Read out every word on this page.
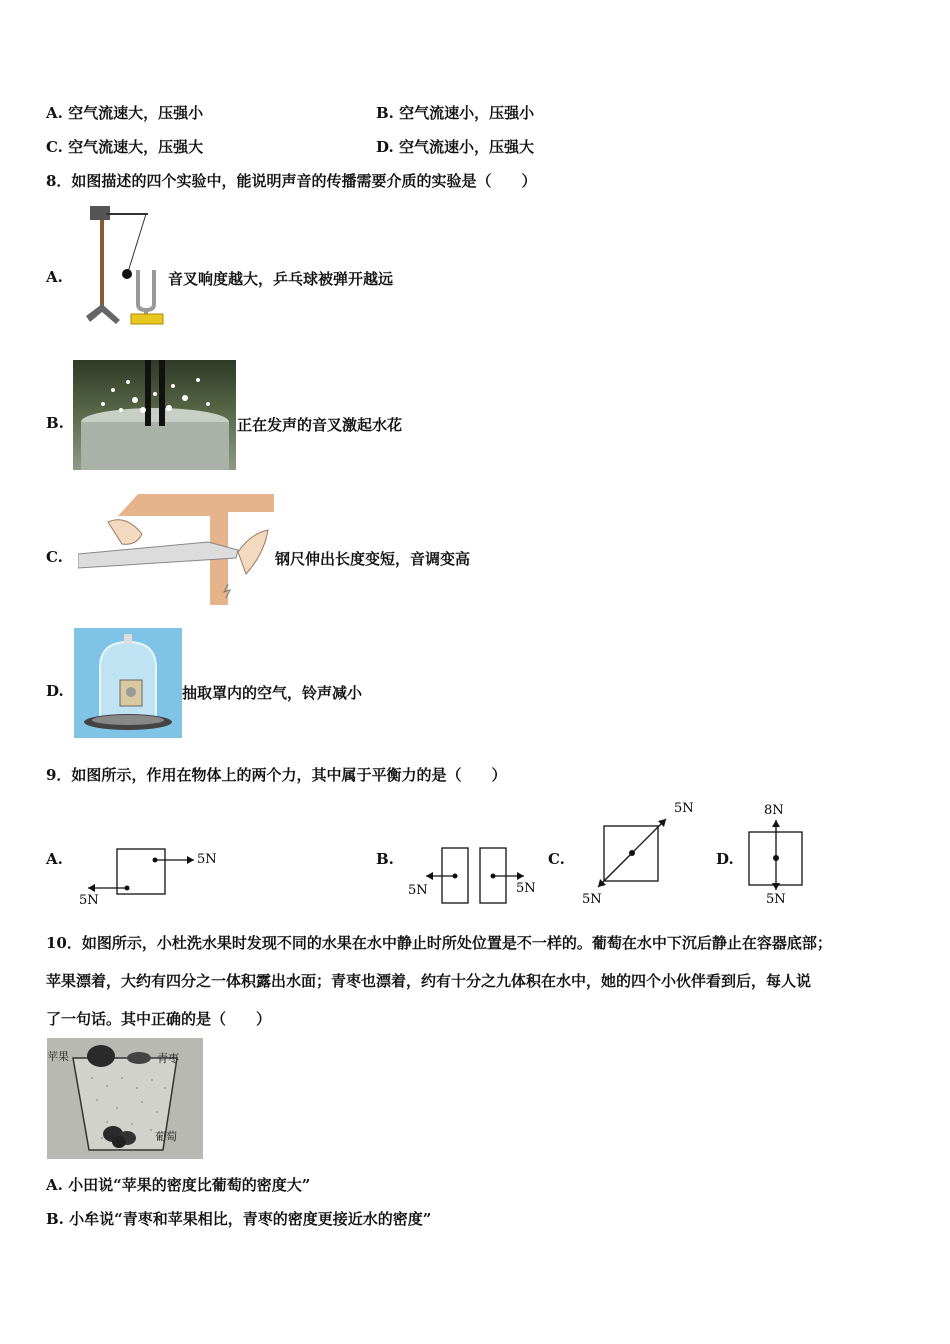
A. 空气流速大，压强小	B. 空气流速小，压强小
C. 空气流速大，压强大	D. 空气流速小，压强大
8．如图描述的四个实验中，能说明声音的传播需要介质的实验是（　　）
A.	音叉响度越大，乒乓球被弹开越远
B.	正在发声的音叉激起水花
C.	钢尺伸出长度变短，音调变高
D.	抽取罩内的空气，铃声减小
9．如图所示，作用在物体上的两个力，其中属于平衡力的是（　　）
A.	5N
5N
B.
5N	5N
C.
5N
5N
D.
8N
5N
10．如图所示，小杜洗水果时发现不同的水果在水中静止时所处位置是不一样的。葡萄在水中下沉后静止在容器底部；
苹果漂着，大约有四分之一体积露出水面；青枣也漂着，约有十分之九体积在水中，她的四个小伙伴看到后，每人说
了一句话。其中正确的是（　　）
苹果	青枣
葡萄
A. 小田说“苹果的密度比葡萄的密度大”
B. 小牟说“青枣和苹果相比，青枣的密度更接近水的密度”
